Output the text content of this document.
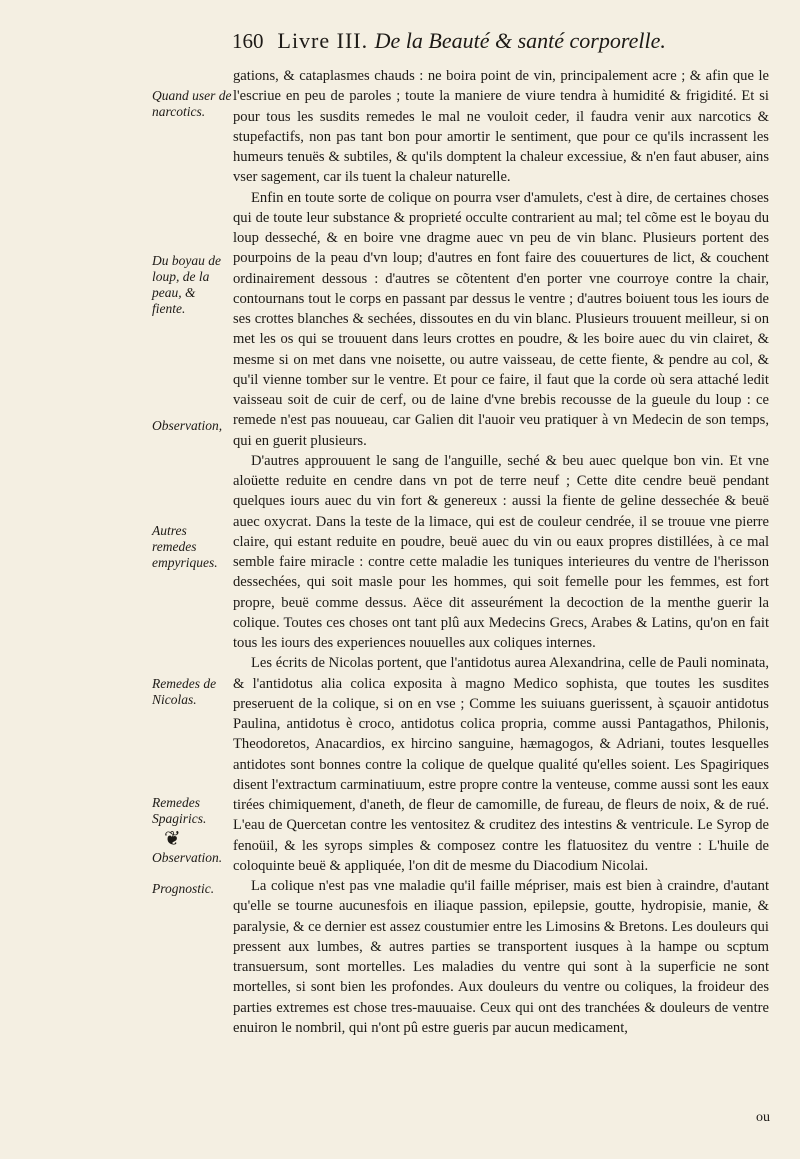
160 Livre III. De la Beauté & santé corporelle.
Quand user de narcotics.
Du boyau de loup, de la peau, & fiente.
Observation,
Autres remedes empyriques.
Remedes de Nicolas.
Remedes Spagirics.
❦
Observation.
Prognostic.

gations, & cataplasmes chauds : ne boira point de vin, principalement acre ; & afin que le l'escriue en peu de paroles ; toute la maniere de viure tendra à humidité & frigidité. Et si pour tous les susdits remedes le mal ne vouloit ceder, il faudra venir aux narcotics & stupefactifs, non pas tant bon pour amortir le sentiment, que pour ce qu'ils incrassent les humeurs tenuës & subtiles, & qu'ils domptent la chaleur excessiue, & n'en faut abuser, ains vser sagement, car ils tuent la chaleur naturelle.

Enfin en toute sorte de colique on pourra vser d'amulets, c'est à dire, de certaines choses qui de toute leur substance & proprieté occulte contrarient au mal; tel cõme est le boyau du loup desseché, & en boire vne dragme auec vn peu de vin blanc. Plusieurs portent des pourpoins de la peau d'vn loup; d'autres en font faire des couuertures de lict, & couchent ordinairement dessous : d'autres se cõtentent d'en porter vne courroye contre la chair, contournans tout le corps en passant par dessus le ventre ; d'autres boiuent tous les iours de ses crottes blanches & sechées, dissoutes en du vin blanc. Plusieurs trouuent meilleur, si on met les os qui se trouuent dans leurs crottes en poudre, & les boire auec du vin clairet, & mesme si on met dans vne noisette, ou autre vaisseau, de cette fiente, & pendre au col, & qu'il vienne tomber sur le ventre. Et pour ce faire, il faut que la corde où sera attaché ledit vaisseau soit de cuir de cerf, ou de laine d'vne brebis recousse de la gueule du loup : ce remede n'est pas nouueau, car Galien dit l'auoir veu pratiquer à vn Medecin de son temps, qui en guerit plusieurs.

D'autres approuuent le sang de l'anguille, seché & beu auec quelque bon vin. Et vne aloüette reduite en cendre dans vn pot de terre neuf ; Cette dite cendre beuë pendant quelques iours auec du vin fort & genereux : aussi la fiente de geline dessechée & beuë auec oxycrat. Dans la teste de la limace, qui est de couleur cendrée, il se trouue vne pierre claire, qui estant reduite en poudre, beuë auec du vin ou eaux propres distillées, à ce mal semble faire miracle : contre cette maladie les tuniques interieures du ventre de l'herisson dessechées, qui soit masle pour les hommes, qui soit femelle pour les femmes, est fort propre, beuë comme dessus. Aëce dit asseurément la decoction de la menthe guerir la colique. Toutes ces choses ont tant plû aux Medecins Grecs, Arabes & Latins, qu'on en fait tous les iours des experiences nouuelles aux coliques internes.

Les écrits de Nicolas portent, que l'antidotus aurea Alexandrina, celle de Pauli nominata, & l'antidotus alia colica exposita à magno Medico sophista, que toutes les susdites preseruent de la colique, si on en vse ; Comme les suiuans guerissent, à sçauoir antidotus Paulina, antidotus è croco, antidotus colica propria, comme aussi Pantagathos, Philonis, Theodoretos, Anacardios, ex hircino sanguine, hæmagogos, & Adriani, toutes lesquelles antidotes sont bonnes contre la colique de quelque qualité qu'elles soient. Les Spagiriques disent l'extractum carminatiuum, estre propre contre la venteuse, comme aussi sont les eaux tirées chimiquement, d'aneth, de fleur de camomille, de fureau, de fleurs de noix, & de rué. L'eau de Quercetan contre les ventositez & cruditez des intestins & ventricule. Le Syrop de fenoüil, & les syrops simples & composez contre les flatuositez du ventre : L'huile de coloquinte beuë & appliquée, l'on dit de mesme du Diacodium Nicolai.

La colique n'est pas vne maladie qu'il faille mépriser, mais est bien à craindre, d'autant qu'elle se tourne aucunesfois en iliaque passion, epilepsie, goutte, hydropisie, manie, & paralysie, & ce dernier est assez coustumier entre les Limosins & Bretons. Les douleurs qui pressent aux lumbes, & autres parties se transportent iusques à la hampe ou scptum transuersum, sont mortelles. Les maladies du ventre qui sont à la superficie ne sont mortelles, si sont bien les profondes. Aux douleurs du ventre ou coliques, la froideur des parties extremes est chose tres-mauuaise. Ceux qui ont des tranchées & douleurs de ventre enuiron le nombril, qui n'ont pû estre gueris par aucun medicament,

ou
